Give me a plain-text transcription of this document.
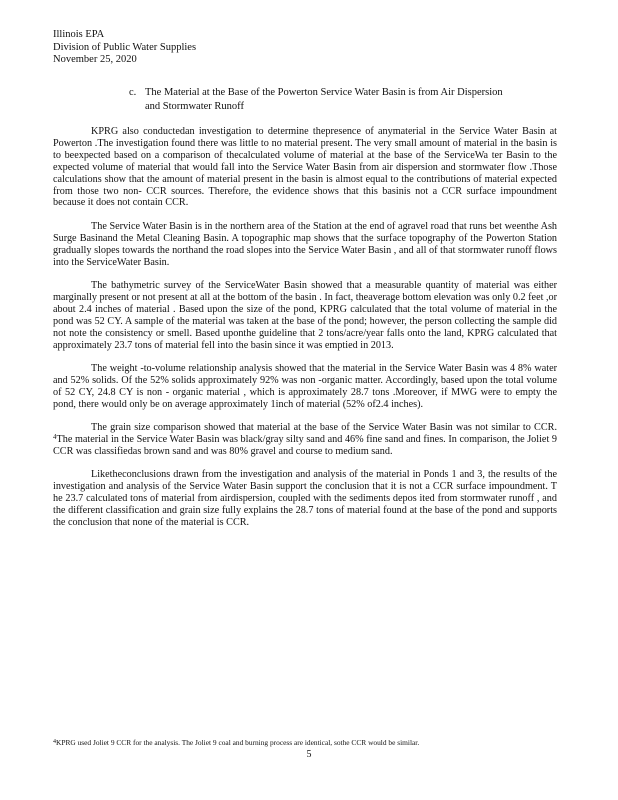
Illinois EPA
Division of Public Water Supplies
November 25, 2020
c. The Material at the Base of the Powerton Service Water Basin is from Air Dispersion
and Stormwater Runoff

KPRG also conductedan investigation to determine thepresence of anymaterial in the Service Water Basin at Powerton .The investigation found there was little to no material present. The very small amount of material in the basin is to beexpected based on a comparison of thecalculated volume of material at the base of the ServiceWa ter Basin to the expected volume of material that would fall into the Service Water Basin from air dispersion and stormwater flow .Those calculations show that the amount of material present in the basin is almost equal to the contributions of material expected from those two non- CCR sources. Therefore, the evidence shows that this basinis not a CCR surface impoundment because it does not contain CCR.

The Service Water Basin is in the northern area of the Station at the end of agravel road that runs bet weenthe Ash Surge Basinand the Metal Cleaning Basin. A topographic map shows that the surface topography of the Powerton Station gradually slopes towards the northand the road slopes into the Service Water Basin , and all of that stormwater runoff flows into the ServiceWater Basin.

The bathymetric survey of the ServiceWater Basin showed that a measurable quantity of material was either marginally present or not present at all at the bottom of the basin . In fact, theaverage bottom elevation was only 0.2 feet ,or about 2.4 inches of material . Based upon the size of the pond, KPRG calculated that the total volume of material in the pond was 52 CY. A sample of the material was taken at the base of the pond; however, the person collecting the sample did not note the consistency or smell. Based uponthe guideline that 2 tons/acre/year falls onto the land, KPRG calculated that approximately 23.7 tons of material fell into the basin since it was emptied in 2013.

The weight -to-volume relationship analysis showed that the material in the Service Water Basin was 4 8% water and 52% solids. Of the 52% solids approximately 92% was non -organic matter. Accordingly, based upon the total volume of 52 CY, 24.8 CY is non - organic material , which is approximately 28.7 tons .Moreover, if MWG were to empty the pond, there would only be on average approximately 1inch of material (52% of2.4 inches).

The grain size comparison showed that material at the base of the Service Water Basin was not similar to CCR. $^4$The material in the Service Water Basin was black/gray silty sand and 46% fine sand and fines. In comparison, the Joliet 9 CCR was classifiedas brown sand and was 80% gravel and course to medium sand.

Liketheconclusions drawn from the investigation and analysis of the material in Ponds 1 and 3, the results of the investigation and analysis of the Service Water Basin support the conclusion that it is not a CCR surface impoundment. T he 23.7 calculated tons of material from airdispersion, coupled with the sediments depos ited from stormwater runoff , and the different classification and grain size fully explains the 28.7 tons of material found at the base of the pond and supports the conclusion that none of the material is CCR.

$^4$KPRG used Joliet 9 CCR for the analysis. The Joliet 9 coal and burning process are identical, sothe CCR would be similar.
5
